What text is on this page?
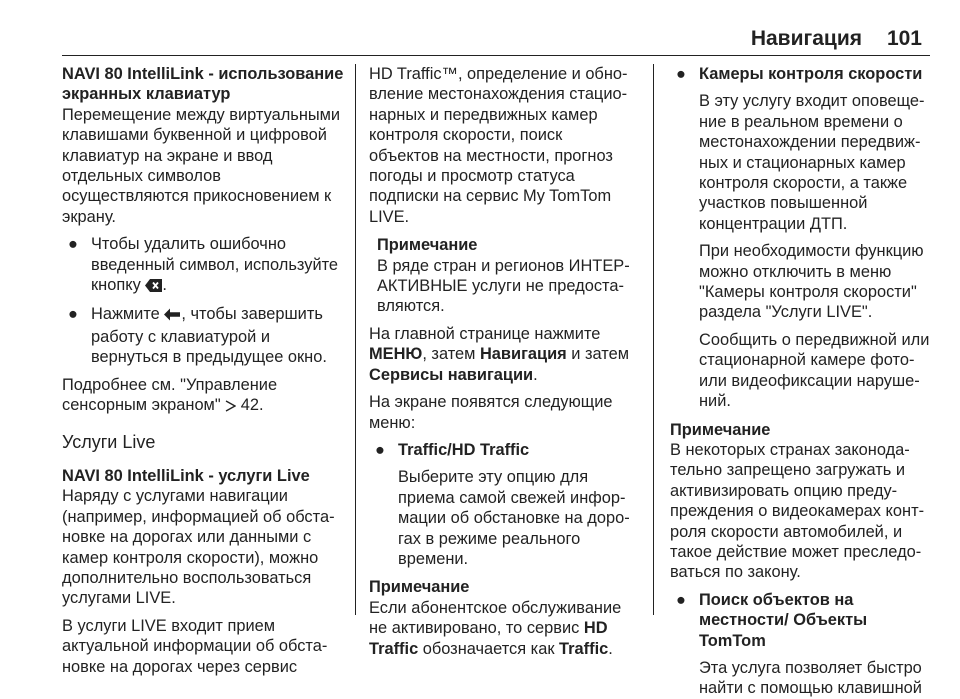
Навигация 101

NAVI 80 IntelliLink - использование экранных клавиатур

Перемещение между виртуальными клавишами буквенной и цифровой клавиатур на экране и ввод отдельных символов осуществляются прикосновением к экрану.

● Чтобы удалить ошибочно введенный символ, используйте кнопку .
● Нажмите , чтобы завершить работу с клавиатурой и вернуться в предыдущее окно.

Подробнее см. "Управление сенсорным экраном"  42.

Услуги Live

NAVI 80 IntelliLink - услуги Live

Наряду с услугами навигации (например, информацией об обстановке на дорогах или данными с камер контроля скорости), можно дополнительно воспользоваться услугами LIVE.

В услуги LIVE входит прием актуальной информации об обстановке на дорогах через сервис

HD Traffic™, определение и обновление местонахождения стационарных и передвижных камер контроля скорости, поиск объектов на местности, прогноз погоды и просмотр статуса подписки на сервис My TomTom LIVE.

Примечание

В ряде стран и регионов ИНТЕРАКТИВНЫЕ услуги не предоставляются.

На главной странице нажмите МЕНЮ, затем Навигация и затем Сервисы навигации.

На экране появятся следующие меню:

● Traffic/HD Traffic

Выберите эту опцию для приема самой свежей информации об обстановке на дорогах в режиме реального времени.

Примечание

Если абонентское обслуживание не активировано, то сервис HD Traffic обозначается как Traffic.

● Камеры контроля скорости

В эту услугу входит оповещение в реальном времени о местонахождении передвижных и стационарных камер контроля скорости, а также участков повышенной концентрации ДТП.

При необходимости функцию можно отключить в меню "Камеры контроля скорости" раздела "Услуги LIVE".

Сообщить о передвижной или стационарной камере фото- или видеофиксации нарушений.

Примечание

В некоторых странах законодательно запрещено загружать и активизировать опцию предупреждения о видеокамерах контроля скорости автомобилей, и такое действие может преследоваться по закону.

● Поиск объектов на местности/ Объекты TomTom

Эта услуга позволяет быстро найти с помощью клавишной
